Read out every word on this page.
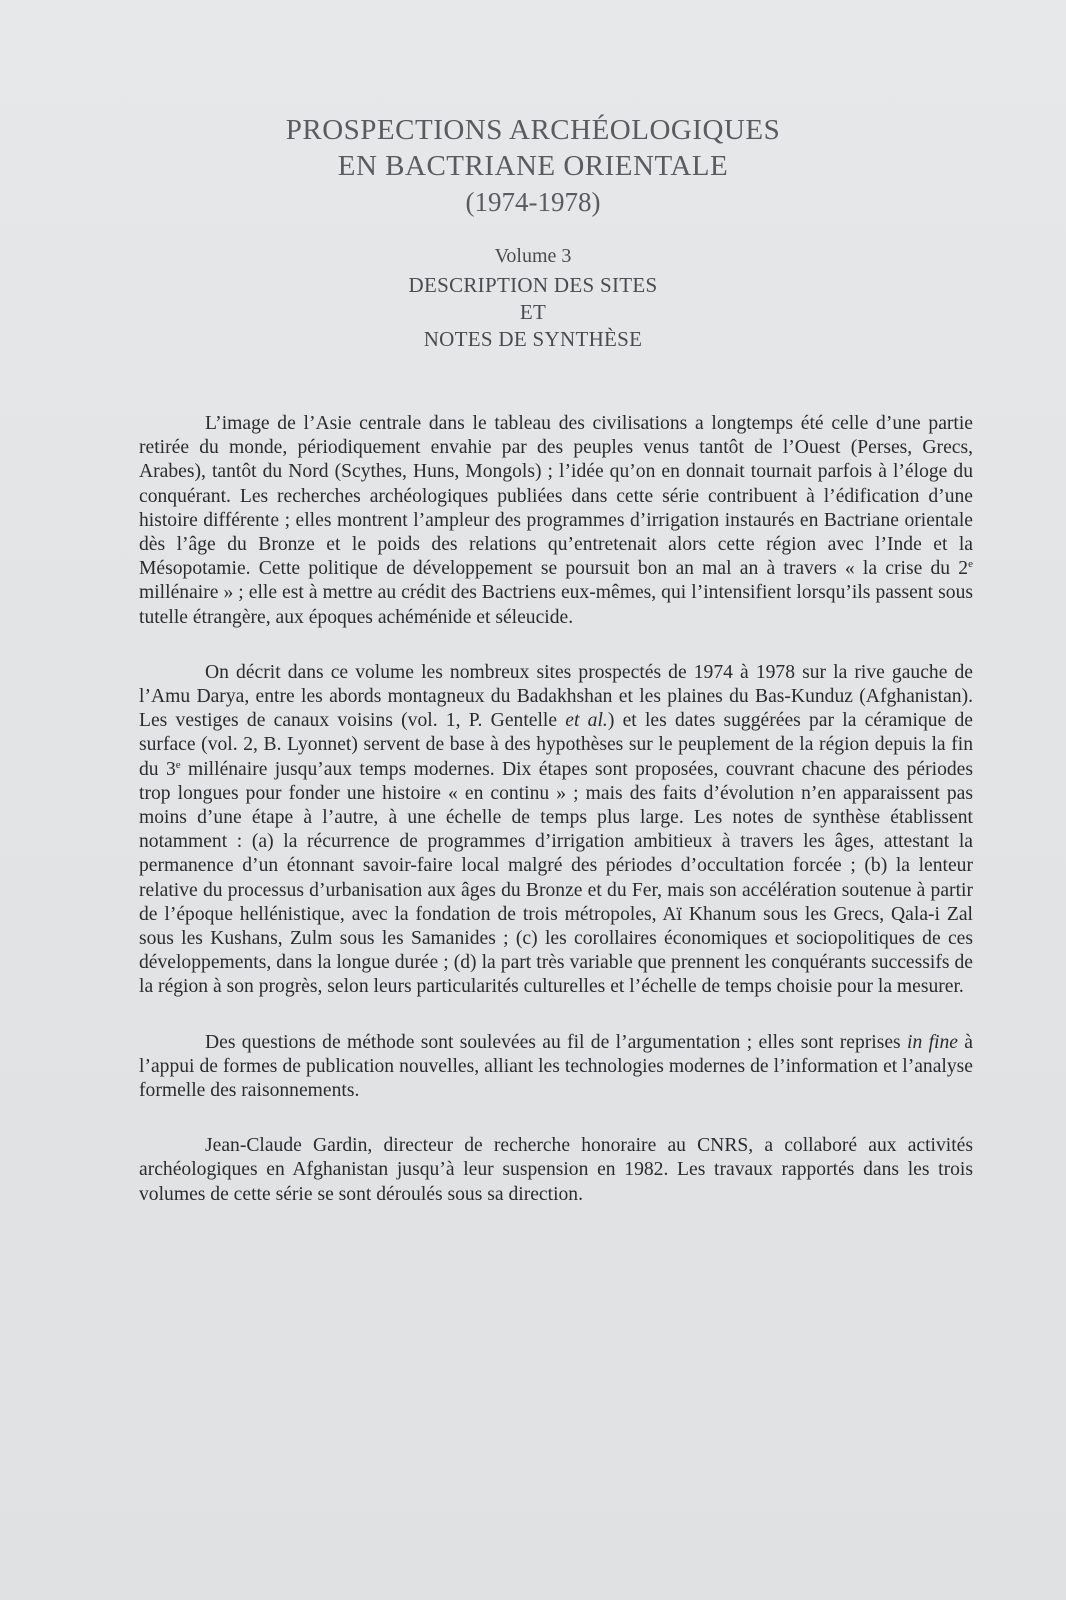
PROSPECTIONS ARCHÉOLOGIQUES

EN BACTRIANE ORIENTALE

(1974-1978)

Volume 3

DESCRIPTION DES SITES

ET

NOTES DE SYNTHÈSE

L’image de l’Asie centrale dans le tableau des civilisations a longtemps été celle d’une partie retirée du monde, périodiquement envahie par des peuples venus tantôt de l’Ouest (Perses, Grecs, Arabes), tantôt du Nord (Scythes, Huns, Mongols) ; l’idée qu’on en donnait tournait parfois à l’éloge du conquérant. Les recherches archéologiques publiées dans cette série contribuent à l’édification d’une histoire différente ; elles montrent l’ampleur des programmes d’irrigation instaurés en Bactriane orientale dès l’âge du Bronze et le poids des relations qu’entretenait alors cette région avec l’Inde et la Mésopotamie. Cette politique de développement se poursuit bon an mal an à travers « la crise du 2e millénaire » ; elle est à mettre au crédit des Bactriens eux-mêmes, qui l’intensifient lorsqu’ils passent sous tutelle étrangère, aux époques achéménide et séleucide.

On décrit dans ce volume les nombreux sites prospectés de 1974 à 1978 sur la rive gauche de l’Amu Darya, entre les abords montagneux du Badakhshan et les plaines du Bas-Kunduz (Afghanistan). Les vestiges de canaux voisins (vol. 1, P. Gentelle et al.) et les dates suggérées par la céramique de surface (vol. 2, B. Lyonnet) servent de base à des hypothèses sur le peuplement de la région depuis la fin du 3e millénaire jusqu’aux temps modernes. Dix étapes sont proposées, couvrant chacune des périodes trop longues pour fonder une histoire « en continu » ; mais des faits d’évolution n’en apparaissent pas moins d’une étape à l’autre, à une échelle de temps plus large. Les notes de synthèse établissent notamment : (a) la récurrence de programmes d’irrigation ambitieux à travers les âges, attestant la permanence d’un étonnant savoir-faire local malgré des périodes d’occultation forcée ; (b) la lenteur relative du processus d’urbanisation aux âges du Bronze et du Fer, mais son accélération soutenue à partir de l’époque hellénistique, avec la fondation de trois métropoles, Aï Khanum sous les Grecs, Qala-i Zal sous les Kushans, Zulm sous les Samanides ; (c) les corollaires économiques et sociopolitiques de ces développements, dans la longue durée ; (d) la part très variable que prennent les conquérants successifs de la région à son progrès, selon leurs particularités culturelles et l’échelle de temps choisie pour la mesurer.

Des questions de méthode sont soulevées au fil de l’argumentation ; elles sont reprises in fine à l’appui de formes de publication nouvelles, alliant les technologies modernes de l’information et l’analyse formelle des raisonnements.

Jean-Claude Gardin, directeur de recherche honoraire au CNRS, a collaboré aux activités archéologiques en Afghanistan jusqu’à leur suspension en 1982. Les travaux rapportés dans les trois volumes de cette série se sont déroulés sous sa direction.
